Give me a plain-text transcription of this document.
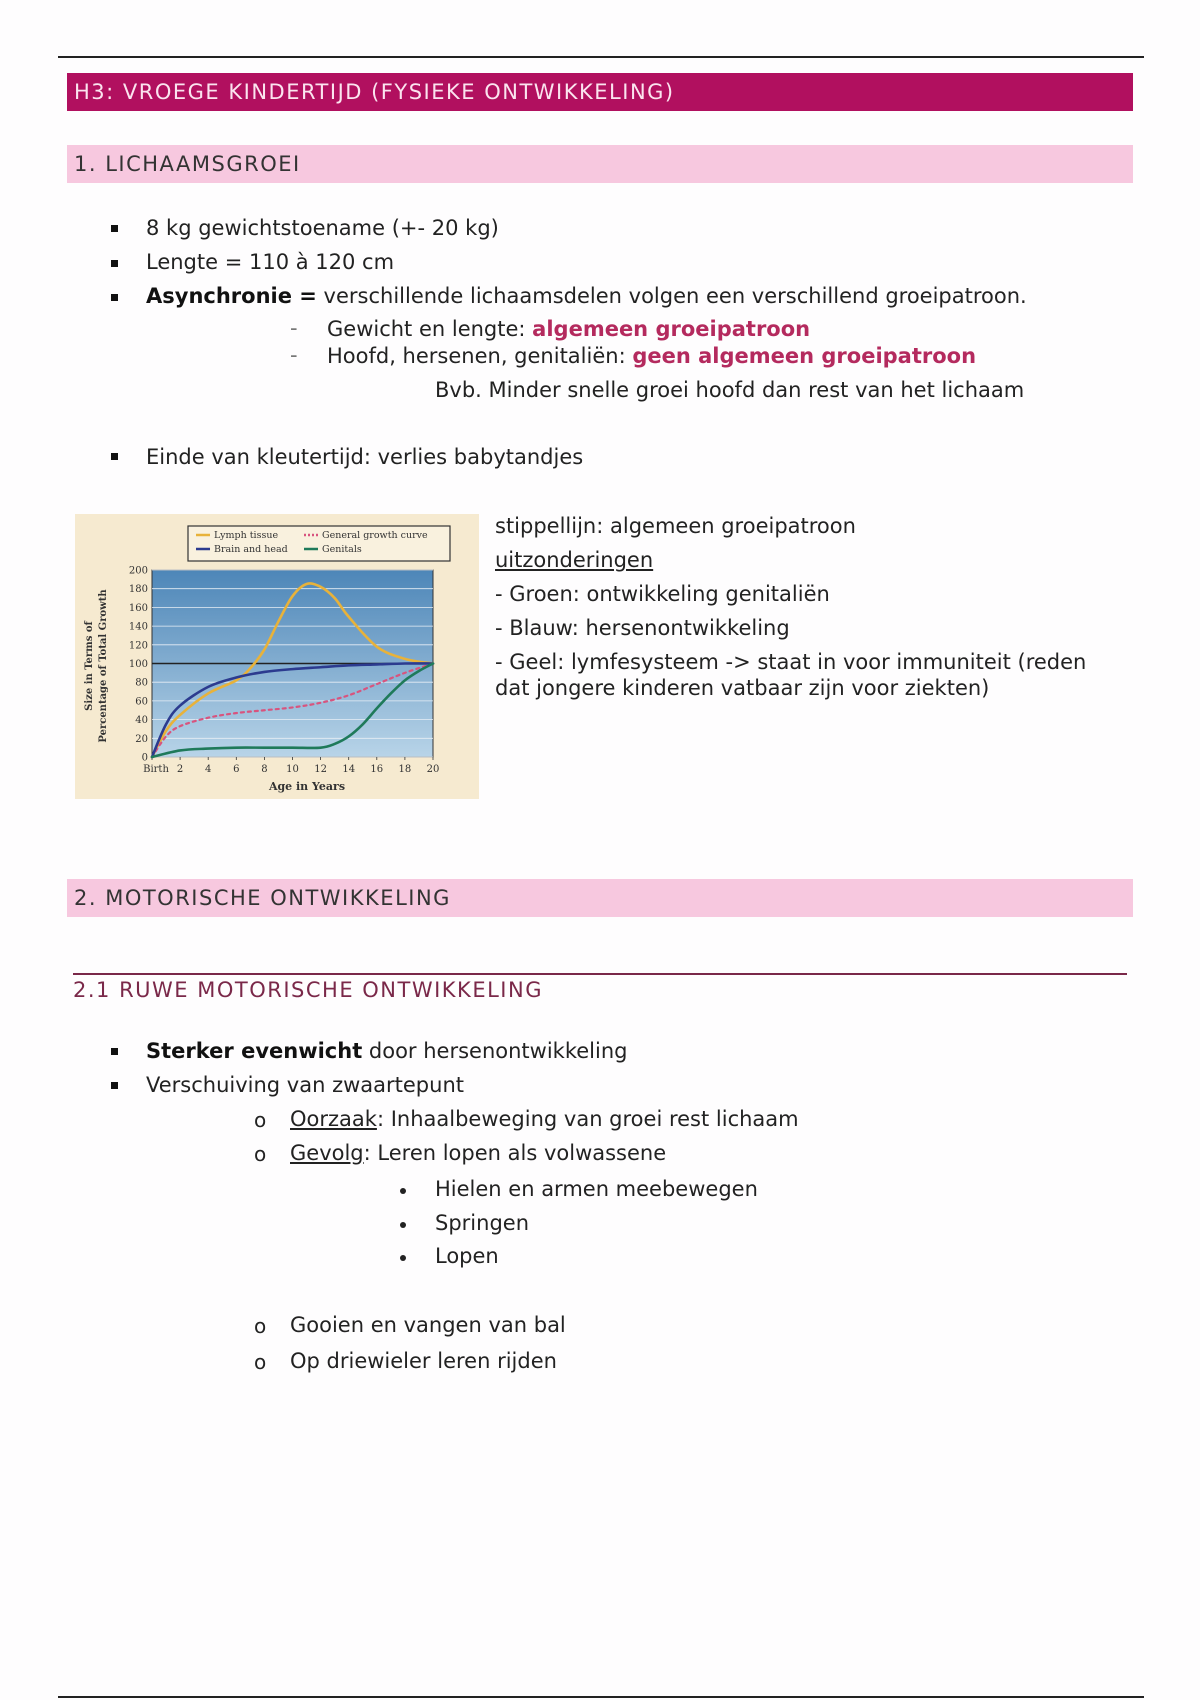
H3: VROEGE KINDERTIJD (FYSIEKE ONTWIKKELING)
1. LICHAAMSGROEI
8 kg gewichtstoename (+- 20 kg)
Lengte = 110 à 120 cm
Asynchronie = verschillende lichaamsdelen volgen een verschillend groeipatroon.
- Gewicht en lengte: algemeen groeipatroon
- Hoofd, hersenen, genitaliën: geen algemeen groeipatroon
Bvb. Minder snelle groei hoofd dan rest van het lichaam
Einde van kleutertijd: verlies babytandjes
0
20
40
60
80
100
120
140
160
180
200
Birth 2 4 6 8 10 12 14 16 18 20
Lymph tissue	General growth curve
Brain and head	Genitals
Size in Terms of Percentage of Total Growth
Age in Years
stippellijn: algemeen groeipatroon
uitzonderingen
- Groen: ontwikkeling genitaliën
- Blauw: hersenontwikkeling
- Geel: lymfesysteem -> staat in voor immuniteit (reden
dat jongere kinderen vatbaar zijn voor ziekten)
2. MOTORISCHE ONTWIKKELING
2.1 RUWE MOTORISCHE ONTWIKKELING
Sterker evenwicht door hersenontwikkeling
Verschuiving van zwaartepunt
o Oorzaak: Inhaalbeweging van groei rest lichaam
o Gevolg: Leren lopen als volwassene
Hielen en armen meebewegen
Springen
Lopen
o Gooien en vangen van bal
o Op driewieler leren rijden
